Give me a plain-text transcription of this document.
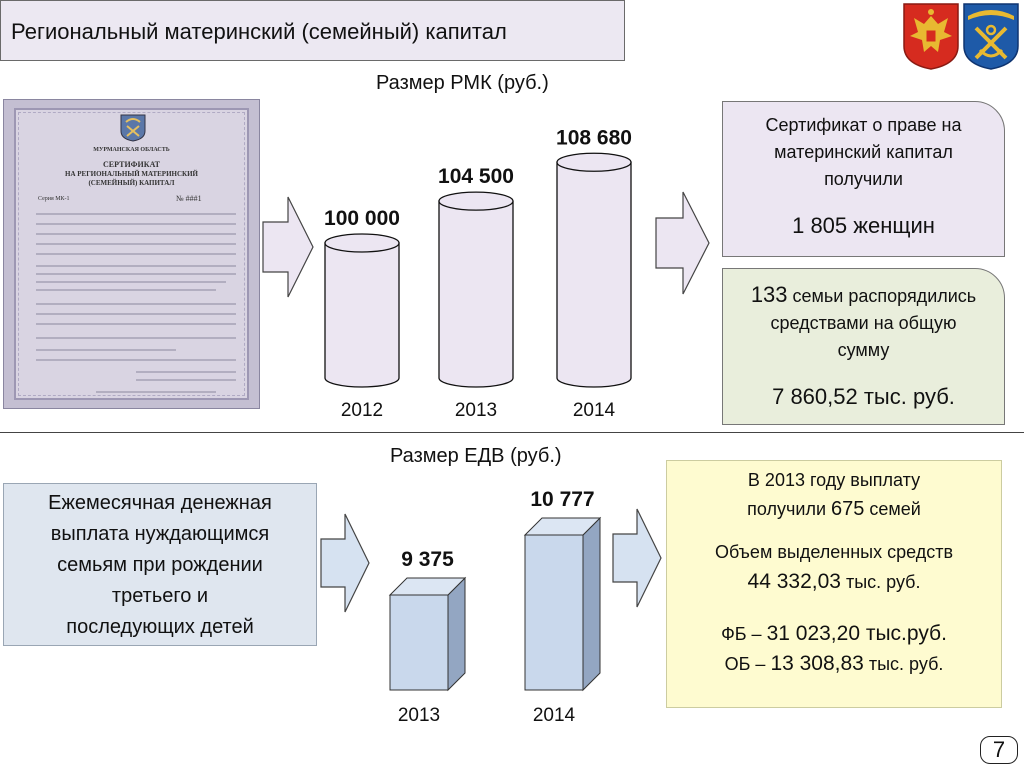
Региональный материнский (семейный) капитал
Размер РМК (руб.)
МУРМАНСКАЯ ОБЛАСТЬ
СЕРТИФИКАТ
НА РЕГИОНАЛЬНЫЙ МАТЕРИНСКИЙ
(СЕМЕЙНЫЙ) КАПИТАЛ
Серия МК-1	№ ###1
100 000
2012
104 500
2013
108 680
2014
Сертификат о праве на
материнский капитал
получили
1 805 женщин
133 семьи распорядились
средствами на общую
сумму
7 860,52 тыс. руб.
Размер ЕДВ (руб.)
Ежемесячная денежная
выплата нуждающимся
семьям при рождении
третьего и
последующих детей
9 375
2013
10 777
2014
В 2013 году выплату
получили 675 семей
Объем выделенных средств
44 332,03 тыс. руб.
ФБ – 31 023,20 тыс.руб.
ОБ – 13 308,83 тыс. руб.
7
